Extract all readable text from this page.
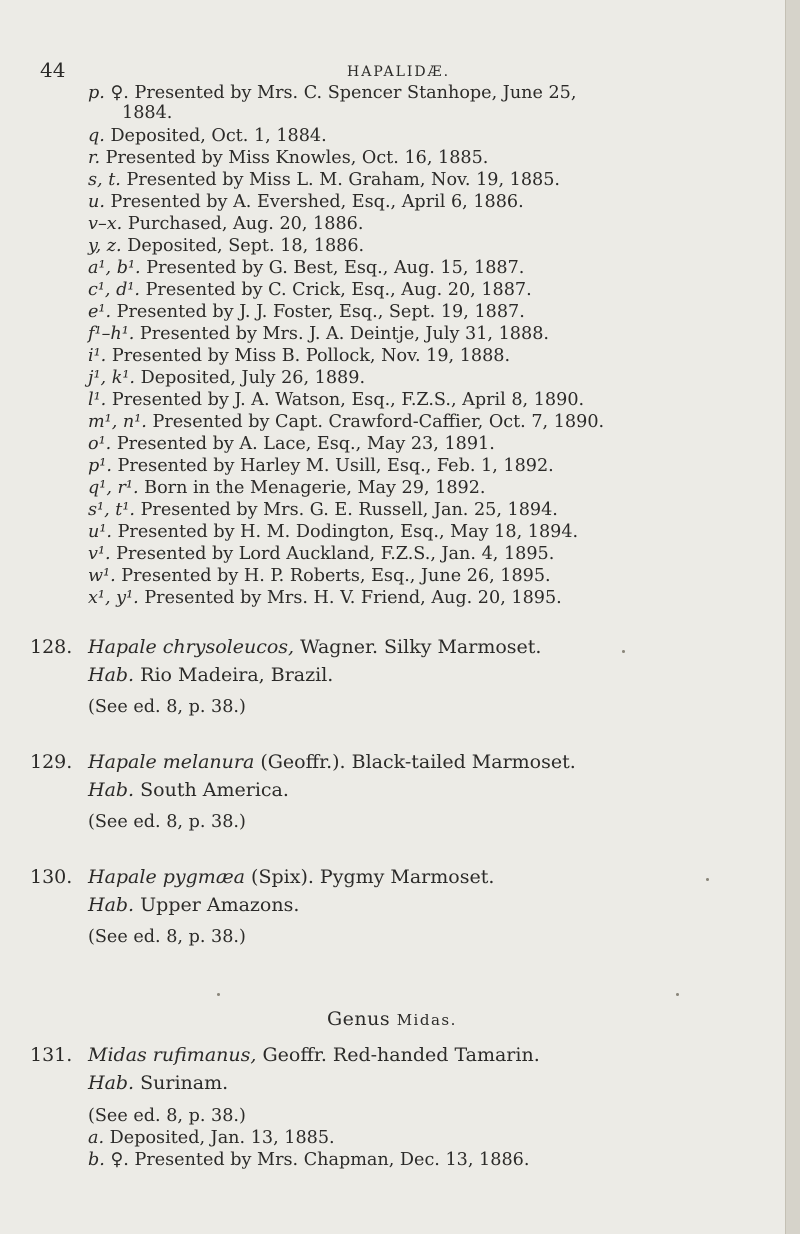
44	HAPALIDÆ.
p. ♀. Presented by Mrs. C. Spencer Stanhope, June 25,
1884.
q. Deposited, Oct. 1, 1884.
r. Presented by Miss Knowles, Oct. 16, 1885.
s, t. Presented by Miss L. M. Graham, Nov. 19, 1885.
u. Presented by A. Evershed, Esq., April 6, 1886.
v–x. Purchased, Aug. 20, 1886.
y, z. Deposited, Sept. 18, 1886.
a¹, b¹. Presented by G. Best, Esq., Aug. 15, 1887.
c¹, d¹. Presented by C. Crick, Esq., Aug. 20, 1887.
e¹. Presented by J. J. Foster, Esq., Sept. 19, 1887.
f¹–h¹. Presented by Mrs. J. A. Deintje, July 31, 1888.
i¹. Presented by Miss B. Pollock, Nov. 19, 1888.
j¹, k¹. Deposited, July 26, 1889.
l¹. Presented by J. A. Watson, Esq., F.Z.S., April 8, 1890.
m¹, n¹. Presented by Capt. Crawford-Caffier, Oct. 7, 1890.
o¹. Presented by A. Lace, Esq., May 23, 1891.
p¹. Presented by Harley M. Usill, Esq., Feb. 1, 1892.
q¹, r¹. Born in the Menagerie, May 29, 1892.
s¹, t¹. Presented by Mrs. G. E. Russell, Jan. 25, 1894.
u¹. Presented by H. M. Dodington, Esq., May 18, 1894.
v¹. Presented by Lord Auckland, F.Z.S., Jan. 4, 1895.
w¹. Presented by H. P. Roberts, Esq., June 26, 1895.
x¹, y¹. Presented by Mrs. H. V. Friend, Aug. 20, 1895.
128. Hapale chrysoleucos, Wagner. Silky Marmoset.
Hab. Rio Madeira, Brazil.
(See ed. 8, p. 38.)
129. Hapale melanura (Geoffr.). Black-tailed Marmoset.
Hab. South America.
(See ed. 8, p. 38.)
130. Hapale pygmæa (Spix). Pygmy Marmoset.
Hab. Upper Amazons.
(See ed. 8, p. 38.)
Genus Midas.
131. Midas rufimanus, Geoffr. Red-handed Tamarin.
Hab. Surinam.
(See ed. 8, p. 38.)
a. Deposited, Jan. 13, 1885.
b. ♀. Presented by Mrs. Chapman, Dec. 13, 1886.
